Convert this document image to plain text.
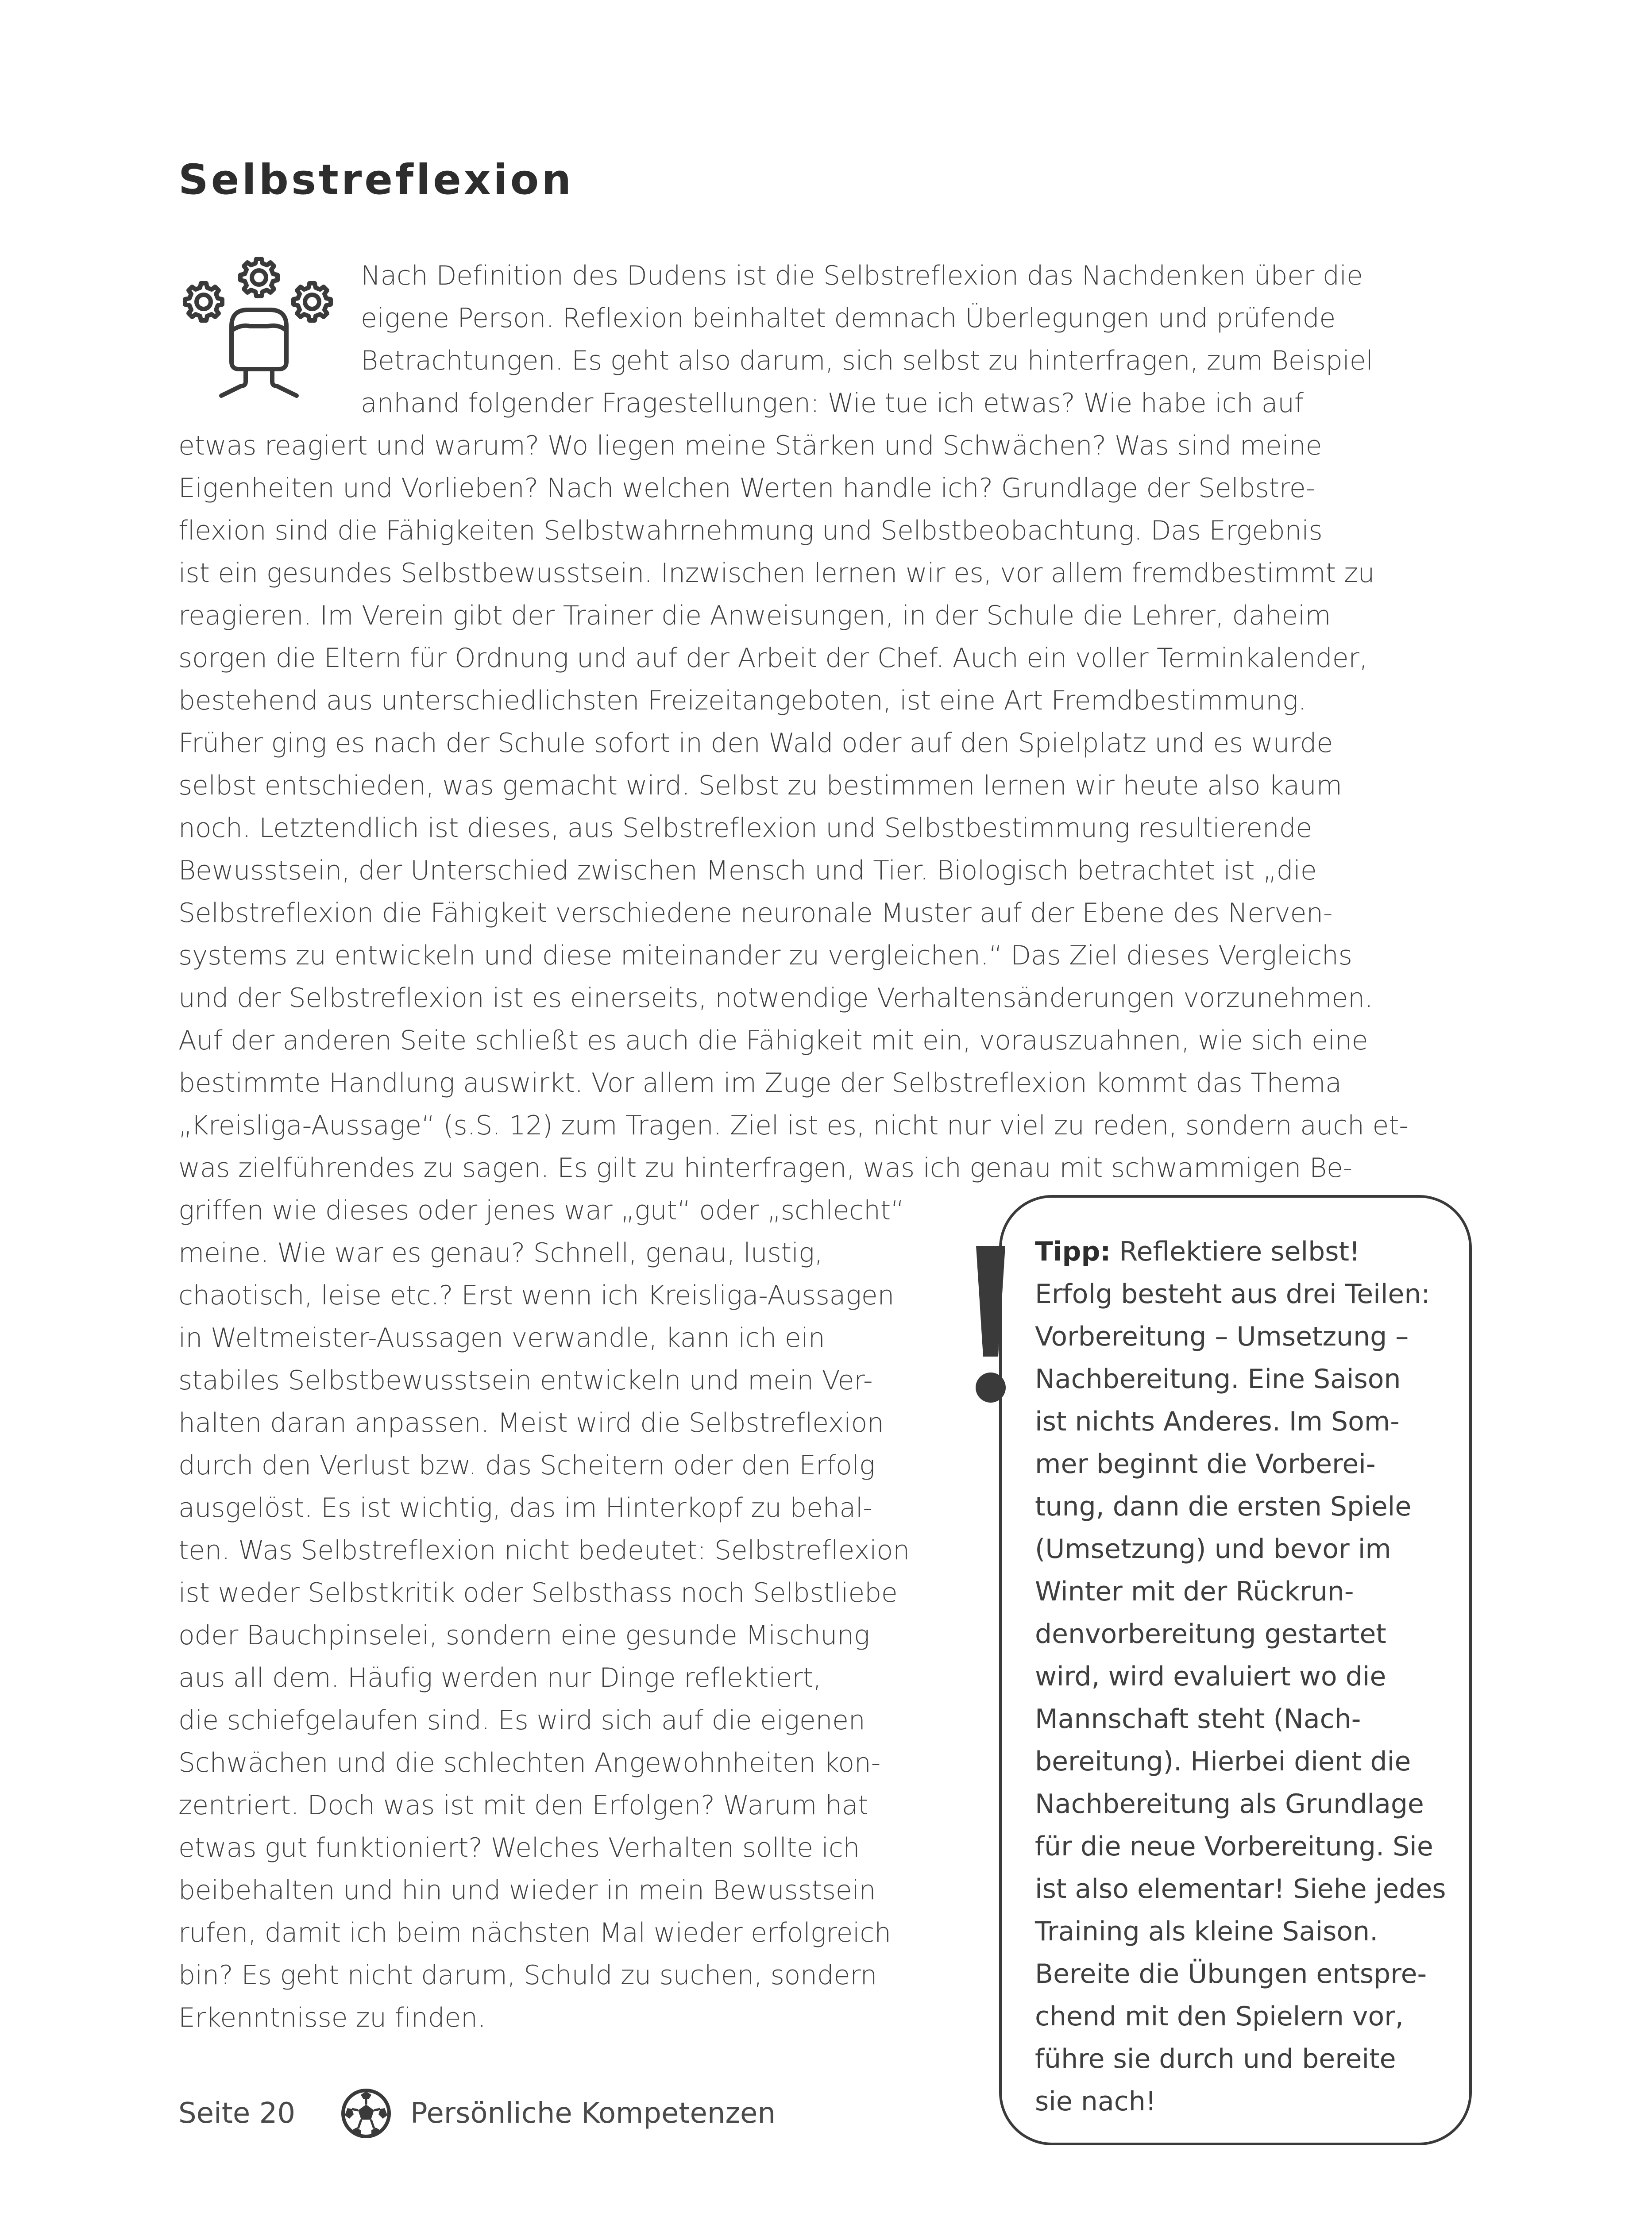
Selbstreflexion
Nach Definition des Dudens ist die Selbstreflexion das Nachdenken über die
eigene Person. Reflexion beinhaltet demnach Überlegungen und prüfende
Betrachtungen. Es geht also darum, sich selbst zu hinterfragen, zum Beispiel
anhand folgender Fragestellungen: Wie tue ich etwas? Wie habe ich auf
etwas reagiert und warum? Wo liegen meine Stärken und Schwächen? Was sind meine
Eigenheiten und Vorlieben? Nach welchen Werten handle ich? Grundlage der Selbstre-
flexion sind die Fähigkeiten Selbstwahrnehmung und Selbstbeobachtung. Das Ergebnis
ist ein gesundes Selbstbewusstsein. Inzwischen lernen wir es, vor allem fremdbestimmt zu
reagieren. Im Verein gibt der Trainer die Anweisungen, in der Schule die Lehrer, daheim
sorgen die Eltern für Ordnung und auf der Arbeit der Chef. Auch ein voller Terminkalender,
bestehend aus unterschiedlichsten Freizeitangeboten, ist eine Art Fremdbestimmung.
Früher ging es nach der Schule sofort in den Wald oder auf den Spielplatz und es wurde
selbst entschieden, was gemacht wird. Selbst zu bestimmen lernen wir heute also kaum
noch. Letztendlich ist dieses, aus Selbstreflexion und Selbstbestimmung resultierende
Bewusstsein, der Unterschied zwischen Mensch und Tier. Biologisch betrachtet ist „die
Selbstreflexion die Fähigkeit verschiedene neuronale Muster auf der Ebene des Nerven-
systems zu entwickeln und diese miteinander zu vergleichen.“ Das Ziel dieses Vergleichs
und der Selbstreflexion ist es einerseits, notwendige Verhaltensänderungen vorzunehmen.
Auf der anderen Seite schließt es auch die Fähigkeit mit ein, vorauszuahnen, wie sich eine
bestimmte Handlung auswirkt. Vor allem im Zuge der Selbstreflexion kommt das Thema
„Kreisliga-Aussage“ (s.S. 12) zum Tragen. Ziel ist es, nicht nur viel zu reden, sondern auch et-
was zielführendes zu sagen. Es gilt zu hinterfragen, was ich genau mit schwammigen Be-
griffen wie dieses oder jenes war „gut“ oder „schlecht“
meine. Wie war es genau? Schnell, genau, lustig,
chaotisch, leise etc.? Erst wenn ich Kreisliga-Aussagen
in Weltmeister-Aussagen verwandle, kann ich ein
stabiles Selbstbewusstsein entwickeln und mein Ver-
halten daran anpassen. Meist wird die Selbstreflexion
durch den Verlust bzw. das Scheitern oder den Erfolg
ausgelöst. Es ist wichtig, das im Hinterkopf zu behal-
ten. Was Selbstreflexion nicht bedeutet: Selbstreflexion
ist weder Selbstkritik oder Selbsthass noch Selbstliebe
oder Bauchpinselei, sondern eine gesunde Mischung
aus all dem. Häufig werden nur Dinge reflektiert,
die schiefgelaufen sind. Es wird sich auf die eigenen
Schwächen und die schlechten Angewohnheiten kon-
zentriert. Doch was ist mit den Erfolgen? Warum hat
etwas gut funktioniert? Welches Verhalten sollte ich
beibehalten und hin und wieder in mein Bewusstsein
rufen, damit ich beim nächsten Mal wieder erfolgreich
bin? Es geht nicht darum, Schuld zu suchen, sondern
Erkenntnisse zu finden.
Tipp: Reflektiere selbst!
Erfolg besteht aus drei Teilen:
Vorbereitung – Umsetzung –
Nachbereitung. Eine Saison
ist nichts Anderes. Im Som-
mer beginnt die Vorberei-
tung, dann die ersten Spiele
(Umsetzung) und bevor im
Winter mit der Rückrun-
denvorbereitung gestartet
wird, wird evaluiert wo die
Mannschaft steht (Nach-
bereitung). Hierbei dient die
Nachbereitung als Grundlage
für die neue Vorbereitung. Sie
ist also elementar! Siehe jedes
Training als kleine Saison.
Bereite die Übungen entspre-
chend mit den Spielern vor,
führe sie durch und bereite
sie nach!
Seite 20	Persönliche Kompetenzen
